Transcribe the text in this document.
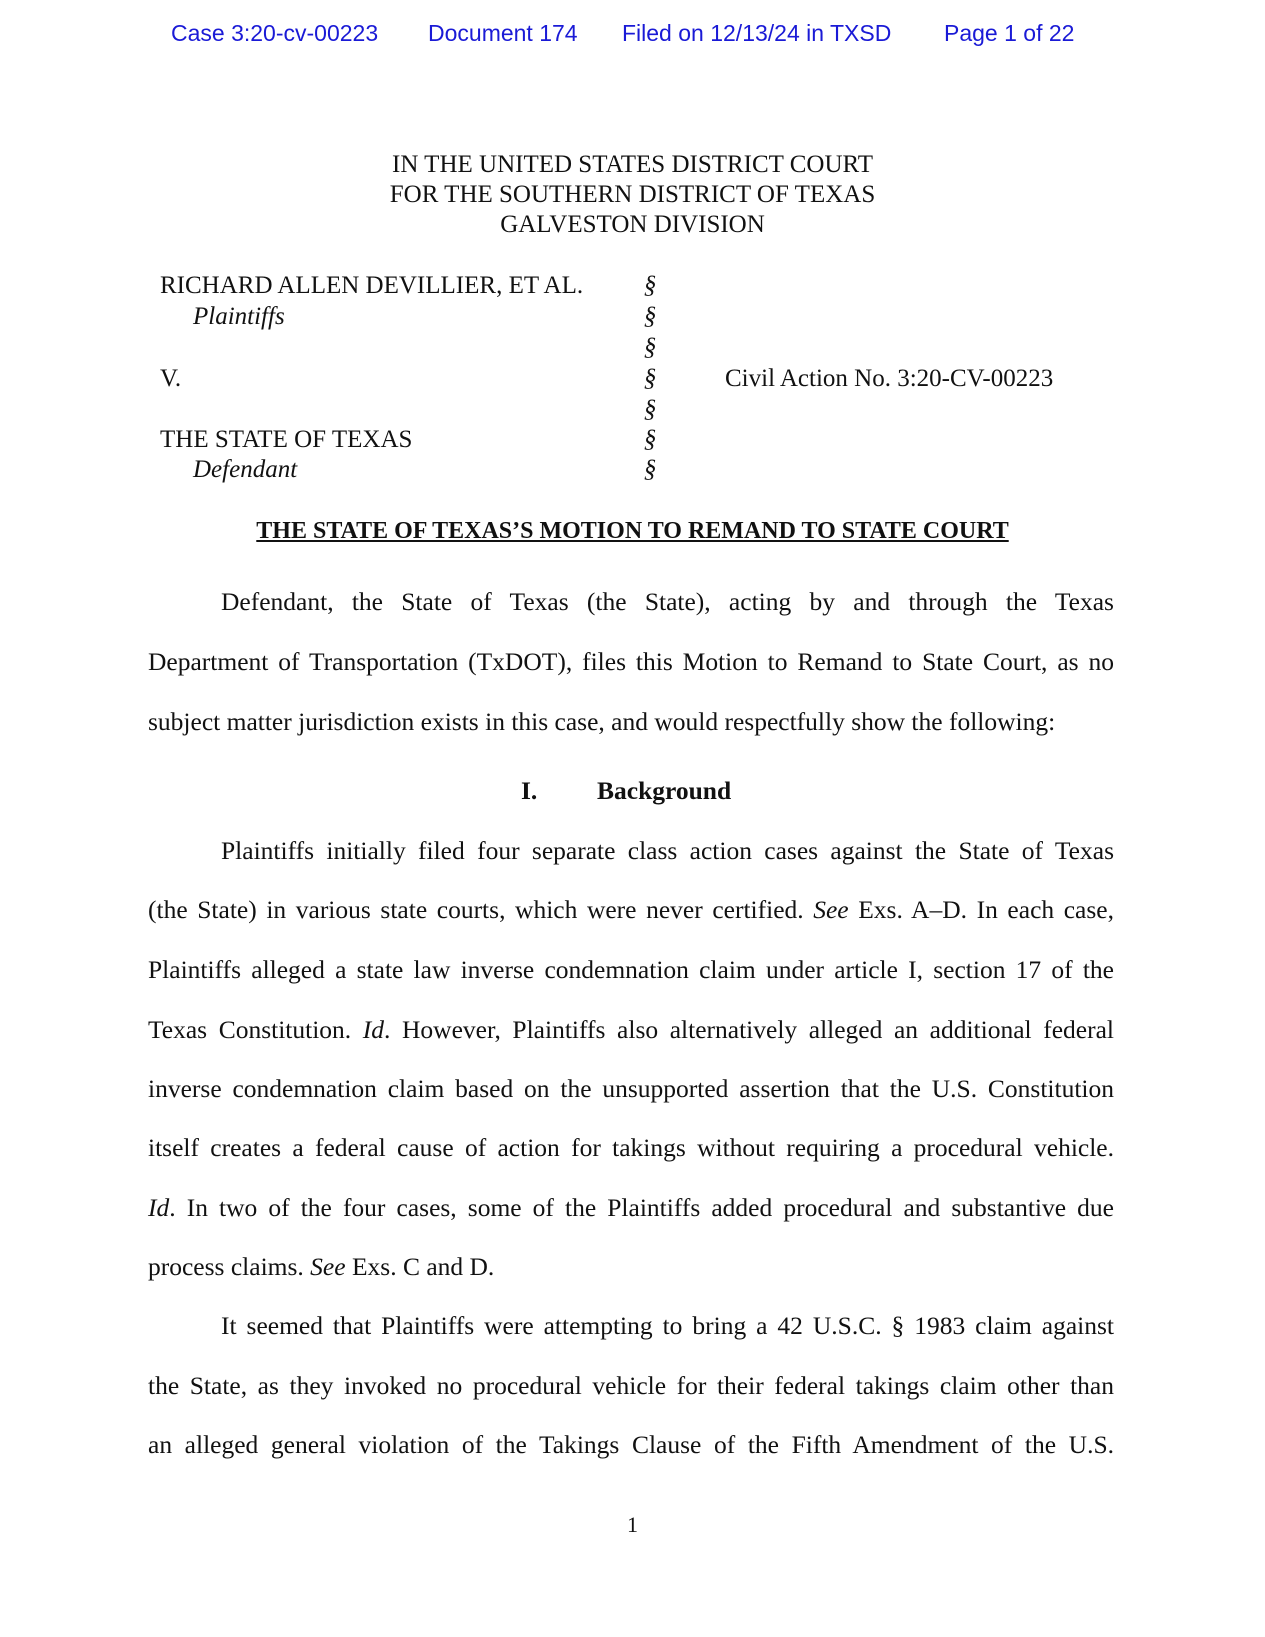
Case 3:20-cv-00223 Document 174 Filed on 12/13/24 in TXSD Page 1 of 22
IN THE UNITED STATES DISTRICT COURT
FOR THE SOUTHERN DISTRICT OF TEXAS
GALVESTON DIVISION
RICHARD ALLEN DEVILLIER, ET AL.
Plaintiffs
V.
THE STATE OF TEXAS
Defendant
§
§
§
§
§
§
§
Civil Action No. 3:20-CV-00223
THE STATE OF TEXAS’S MOTION TO REMAND TO STATE COURT
Defendant, the State of Texas (the State), acting by and through the Texas
Department of Transportation (TxDOT), files this Motion to Remand to State Court, as no
subject matter jurisdiction exists in this case, and would respectfully show the following:
I. Background
Plaintiffs initially filed four separate class action cases against the State of Texas
(the State) in various state courts, which were never certified. See Exs. A–D. In each case,
Plaintiffs alleged a state law inverse condemnation claim under article I, section 17 of the
Texas Constitution. Id. However, Plaintiffs also alternatively alleged an additional federal
inverse condemnation claim based on the unsupported assertion that the U.S. Constitution
itself creates a federal cause of action for takings without requiring a procedural vehicle.
Id. In two of the four cases, some of the Plaintiffs added procedural and substantive due
process claims. See Exs. C and D.
It seemed that Plaintiffs were attempting to bring a 42 U.S.C. § 1983 claim against
the State, as they invoked no procedural vehicle for their federal takings claim other than
an alleged general violation of the Takings Clause of the Fifth Amendment of the U.S.
1
